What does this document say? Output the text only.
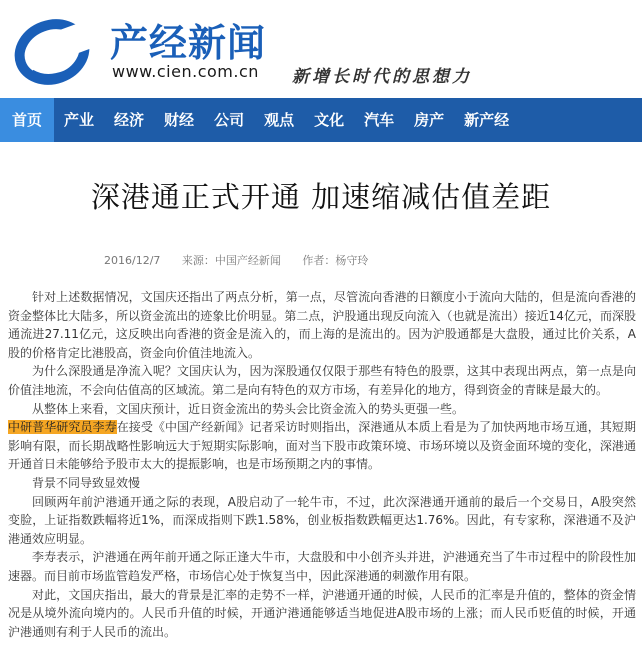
产经新闻
www.cien.com.cn 新增长时代的思想力
首页	产业	经济	财经	公司	观点	文化	汽车	房产	新产经
深港通正式开通 加速缩减估值差距
2016/12/7 来源：中国产经新闻 作者：杨守玲

针对上述数据情况，文国庆还指出了两点分析，第一点，尽管流向香港的日额度小于流向大陆的，但是流向香港的资金整体比大陆多，所以资金流出的迹象比价明显。第二点，沪股通出现反向流入（也就是流出）接近14亿元，而深股通流进27.11亿元，这反映出向香港的资金是流入的，而上海的是流出的。因为沪股通都是大盘股，通过比价关系，A股的价格肯定比港股高，资金向价值洼地流入。

为什么深股通是净流入呢？文国庆认为，因为深股通仅仅限于那些有特色的股票，这其中表现出两点，第一点是向价值洼地流，不会向估值高的区域流。第二是向有特色的双方市场，有差异化的地方，得到资金的青睐是最大的。

从整体上来看，文国庆预计，近日资金流出的势头会比资金流入的势头更强一些。

中研普华研究员李寿在接受《中国产经新闻》记者采访时则指出，深港通从本质上看是为了加快两地市场互通，其短期影响有限，而长期战略性影响远大于短期实际影响，面对当下股市政策环境、市场环境以及资金面环境的变化，深港通开通首日未能够给予股市太大的提振影响，也是市场预期之内的事情。

背景不同导致显效慢

回顾两年前沪港通开通之际的表现，A股启动了一轮牛市，不过，此次深港通开通前的最后一个交易日，A股突然变脸，上证指数跌幅将近1%，而深成指则下跌1.58%，创业板指数跌幅更达1.76%。因此，有专家称，深港通不及沪港通效应明显。

李寿表示，沪港通在两年前开通之际正逢大牛市，大盘股和中小创齐头并进，沪港通充当了牛市过程中的阶段性加速器。而目前市场监管趋发严格，市场信心处于恢复当中，因此深港通的刺激作用有限。

对此，文国庆指出，最大的背景是汇率的走势不一样，沪港通开通的时候，人民币的汇率是升值的，整体的资金情况是从境外流向境内的。人民币升值的时候，开通沪港通能够适当地促进A股市场的上涨；而人民币贬值的时候，开通沪港通则有利于人民币的流出。
